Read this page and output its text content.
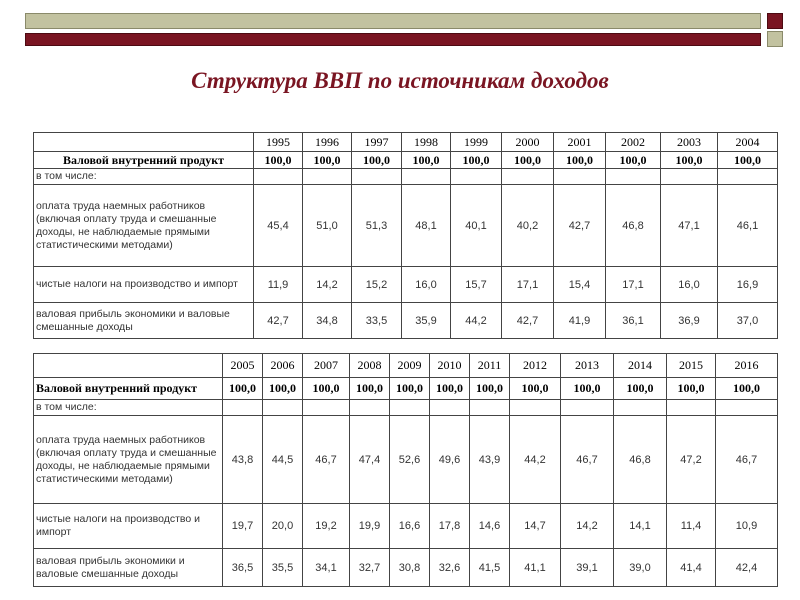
Структура ВВП по источникам доходов
	1995	1996	1997	1998	1999	2000	2001	2002	2003	2004
Валовой внутренний продукт	100,0	100,0	100,0	100,0	100,0	100,0	100,0	100,0	100,0	100,0
в том числе:										
оплата труда наемных работников (включая оплату труда и смешанные доходы, не наблюдаемые прямыми статистическими методами)	45,4	51,0	51,3	48,1	40,1	40,2	42,7	46,8	47,1	46,1
чистые налоги на производство и импорт	11,9	14,2	15,2	16,0	15,7	17,1	15,4	17,1	16,0	16,9
валовая прибыль экономики и валовые смешанные доходы	42,7	34,8	33,5	35,9	44,2	42,7	41,9	36,1	36,9	37,0
	2005	2006	2007	2008	2009	2010	2011	2012	2013	2014	2015	2016
Валовой внутренний продукт	100,0	100,0	100,0	100,0	100,0	100,0	100,0	100,0	100,0	100,0	100,0	100,0
в том числе:												
оплата труда наемных работников (включая оплату труда и смешанные доходы, не наблюдаемые прямыми статистическими методами)	43,8	44,5	46,7	47,4	52,6	49,6	43,9	44,2	46,7	46,8	47,2	46,7
чистые налоги на производство и импорт	19,7	20,0	19,2	19,9	16,6	17,8	14,6	14,7	14,2	14,1	11,4	10,9
валовая прибыль экономики и валовые смешанные доходы	36,5	35,5	34,1	32,7	30,8	32,6	41,5	41,1	39,1	39,0	41,4	42,4
